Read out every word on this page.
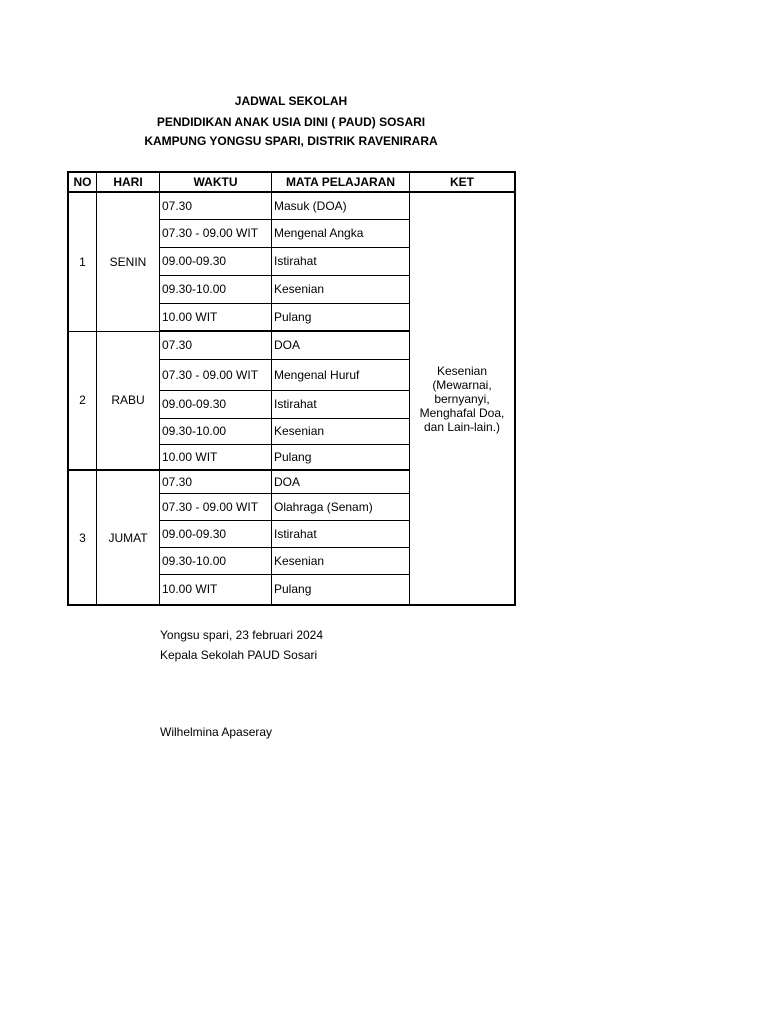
JADWAL SEKOLAH
PENDIDIKAN ANAK USIA DINI ( PAUD) SOSARI
KAMPUNG YONGSU SPARI, DISTRIK RAVENIRARA
NO	HARI	WAKTU	MATA PELAJARAN	KET
1	SENIN	07.30	Masuk (DOA)	Kesenian (Mewarnai, bernyanyi, Menghafal Doa, dan Lain-lain.)
		07.30 - 09.00 WIT	Mengenal Angka	
		09.00-09.30	Istirahat	
		09.30-10.00	Kesenian	
		10.00 WIT	Pulang	
2	RABU	07.30	DOA	
		07.30 - 09.00 WIT	Mengenal Huruf	
		09.00-09.30	Istirahat	
		09.30-10.00	Kesenian	
		10.00 WIT	Pulang	
3	JUMAT	07.30	DOA	
		07.30 - 09.00 WIT	Olahraga (Senam)	
		09.00-09.30	Istirahat	
		09.30-10.00	Kesenian	
		10.00 WIT	Pulang	
Yongsu spari, 23 februari 2024
Kepala Sekolah PAUD Sosari
Wilhelmina Apaseray
